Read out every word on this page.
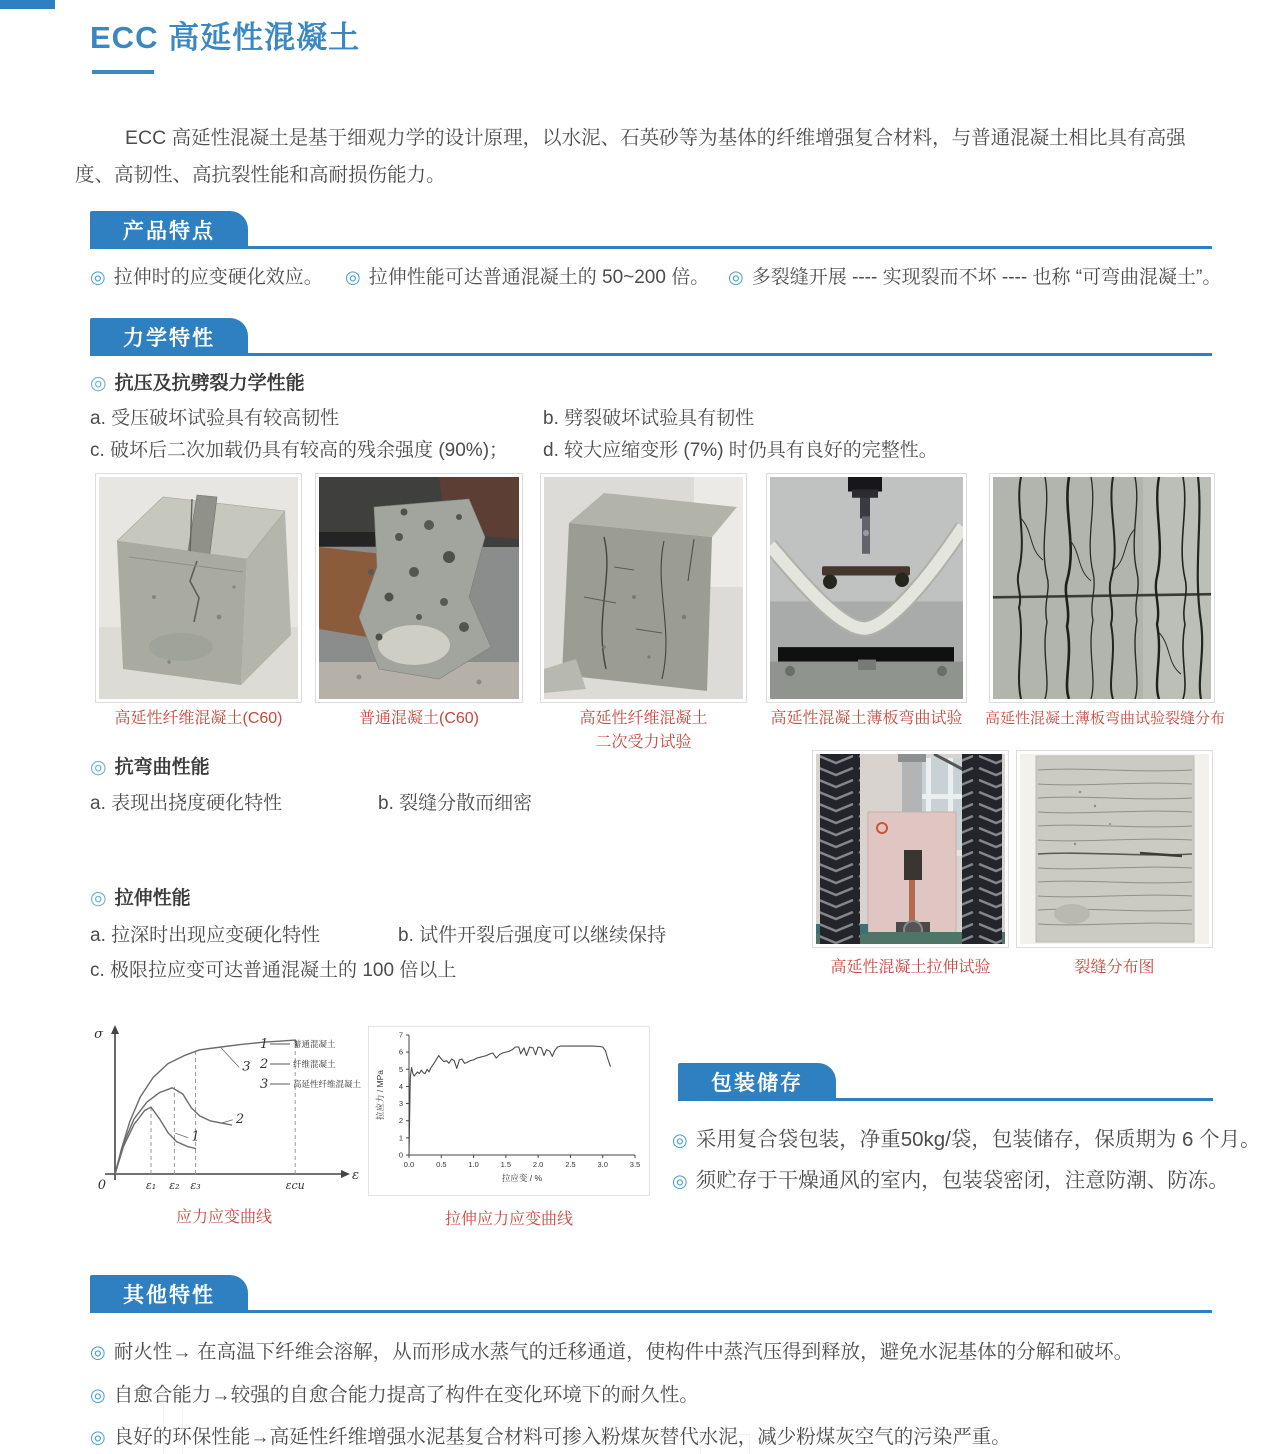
ECC 高延性混凝土
ECC 高延性混凝土是基于细观力学的设计原理，以水泥、石英砂等为基体的纤维增强复合材料，与普通混凝土相比具有高强度、高韧性、高抗裂性能和高耐损伤能力。
产品特点
◎ 拉伸时的应变硬化效应。 ◎ 拉伸性能可达普通混凝土的 50~200 倍。 ◎ 多裂缝开展 ---- 实现裂而不坏 ---- 也称 “可弯曲混凝土”。
力学特性
◎ 抗压及抗劈裂力学性能
a. 受压破坏试验具有较高韧性	b. 劈裂破坏试验具有韧性
c. 破坏后二次加载仍具有较高的残余强度 (90%)； d. 较大应缩变形 (7%) 时仍具有良好的完整性。
高延性纤维混凝土(C60)	普通混凝土(C60)	高延性纤维混凝土
二次受力试验
高延性混凝土薄板弯曲试验	高延性混凝土薄板弯曲试验裂缝分布
◎ 抗弯曲性能
a. 表现出挠度硬化特性	b. 裂缝分散而细密
高延性混凝土拉伸试验	裂缝分布图
◎ 拉伸性能
a. 拉深时出现应变硬化特性	b. 试件开裂后强度可以继续保持
c. 极限拉应变可达普通混凝土的 100 倍以上
σ
ε
0	ε₁ ε₂ ε₃	εcu
3
2
1
1	普通混凝土
2	纤维混凝土
3	高延性纤维混凝土
应力应变曲线
0
1
2
3
4
5
6
7
0.0	0.5	1.0	1.5	2.0	2.5	3.0	3.5
拉应力 / MPa
拉应变 / %
拉伸应力应变曲线
包装储存
◎ 采用复合袋包装，净重50kg/袋，包装储存，保质期为 6 个月。
◎ 须贮存于干燥通风的室内，包装袋密闭，注意防潮、防冻。
其他特性
◎ 耐火性→ 在高温下纤维会溶解，从而形成水蒸气的迁移通道，使构件中蒸汽压得到释放，避免水泥基体的分解和破坏。
◎ 自愈合能力→较强的自愈合能力提高了构件在变化环境下的耐久性。
◎ 良好的环保性能→高延性纤维增强水泥基复合材料可掺入粉煤灰替代水泥，减少粉煤灰空气的污染严重。
